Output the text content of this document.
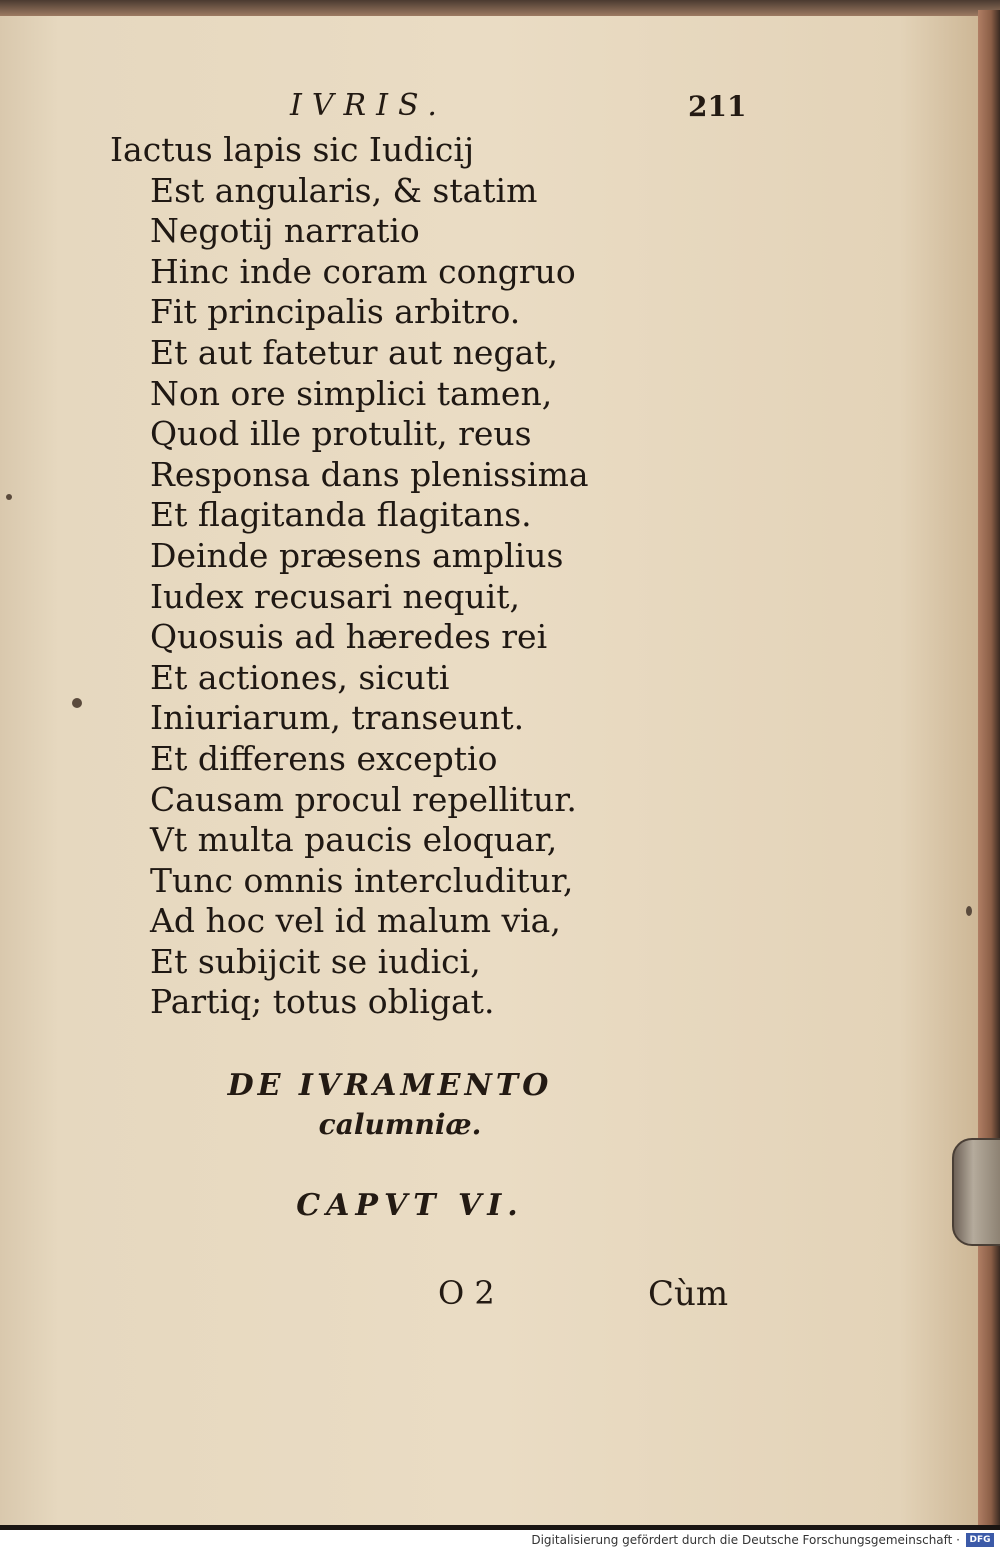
IVRIS.	211
Iactus lapis sic Iudicij
Est angularis, & statim
Negotij narratio
Hinc inde coram congruo
Fit principalis arbitro.
Et aut fatetur aut negat,
Non ore simplici tamen,
Quod ille protulit, reus
Responsa dans plenissima
Et flagitanda flagitans.
Deinde præsens amplius
Iudex recusari nequit,
Quosuis ad hæredes rei
Et actiones, sicuti
Iniuriarum, transeunt.
Et differens exceptio
Causam procul repellitur.
Vt multa paucis eloquar,
Tunc omnis intercluditur,
Ad hoc vel id malum via,
Et subijcit se iudici,
Partiq; totus obligat.
DE IVRAMENTO
calumniæ.
CAPVT VI.
O 2	Cùm
Digitalisierung gefördert durch die Deutsche Forschungsgemeinschaft ·	DFG
